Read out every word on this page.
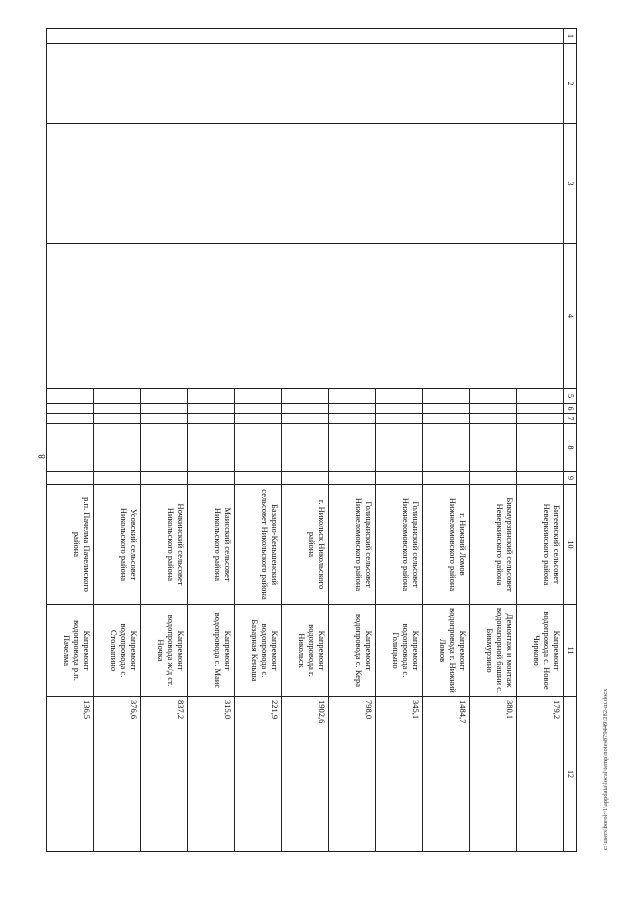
8
1	2	3	4	5	6	7	8	9	10	11	12
									Бигеевский сельсовет Неверкинского района	Капремонт водопровода с. Новое Чирково	179,2
									Бикмурзинский сельсовет Неверкинского района	Демонтаж и монтаж водонапорной башни с. Бикмурзино	380,1
									г. Нижний Ломов Нижнеломовского района	Капремонт водопровода г. Нижний Ломов	1484,7
									Голицынский сельсовет Нижнеломовского района	Капремонт водопровода с. Голицыно	345,1
									Голицынский сельсовет Нижнеломовского района	Капремонт водопровода с. Кера	798,0
									г. Никольск Никольского района	Капремонт водопровода г. Никольск	1902,6
									Базарно-Кеньшенский сельсовет Никольского района	Капремонт водопровода с. Базарная Кеньша	221,9
									Маисский сельсовет Никольского района	Капремонт водопровода с. Маис	315,0
									Ночкинский сельсовет Никольского района	Капремонт водопровода ж/д ст. Ночка	837,2
									Усовский сельсовет Никольского района	Капремонт водопровода с. Столыпино	376,6
									р.п. Пачелма Пачелмского района	Капремонт водопровода р.п. Пачелма	136,5	c:\users\borol~1\appdata\local\temp\notes879449\282-ш.docx
